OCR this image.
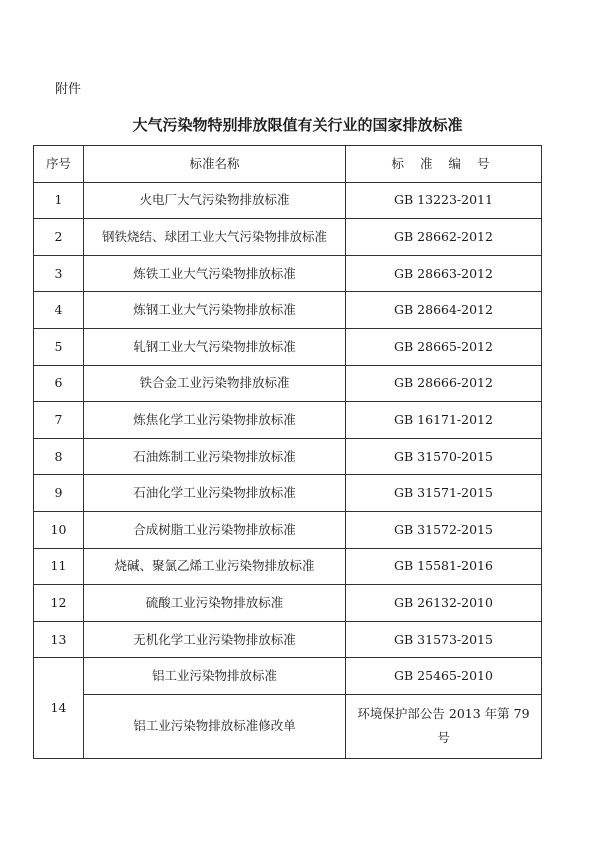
附件
大气污染物特别排放限值有关行业的国家排放标准
序号	标准名称	标 准 编 号
1	火电厂大气污染物排放标准	GB 13223-2011
2	钢铁烧结、球团工业大气污染物排放标准	GB 28662-2012
3	炼铁工业大气污染物排放标准	GB 28663-2012
4	炼钢工业大气污染物排放标准	GB 28664-2012
5	轧钢工业大气污染物排放标准	GB 28665-2012
6	铁合金工业污染物排放标准	GB 28666-2012
7	炼焦化学工业污染物排放标准	GB 16171-2012
8	石油炼制工业污染物排放标准	GB 31570-2015
9	石油化学工业污染物排放标准	GB 31571-2015
10	合成树脂工业污染物排放标准	GB 31572-2015
11	烧碱、聚氯乙烯工业污染物排放标准	GB 15581-2016
12	硫酸工业污染物排放标准	GB 26132-2010
13	无机化学工业污染物排放标准	GB 31573-2015
14	铝工业污染物排放标准	GB 25465-2010
	铝工业污染物排放标准修改单	环境保护部公告 2013 年第 79 号
